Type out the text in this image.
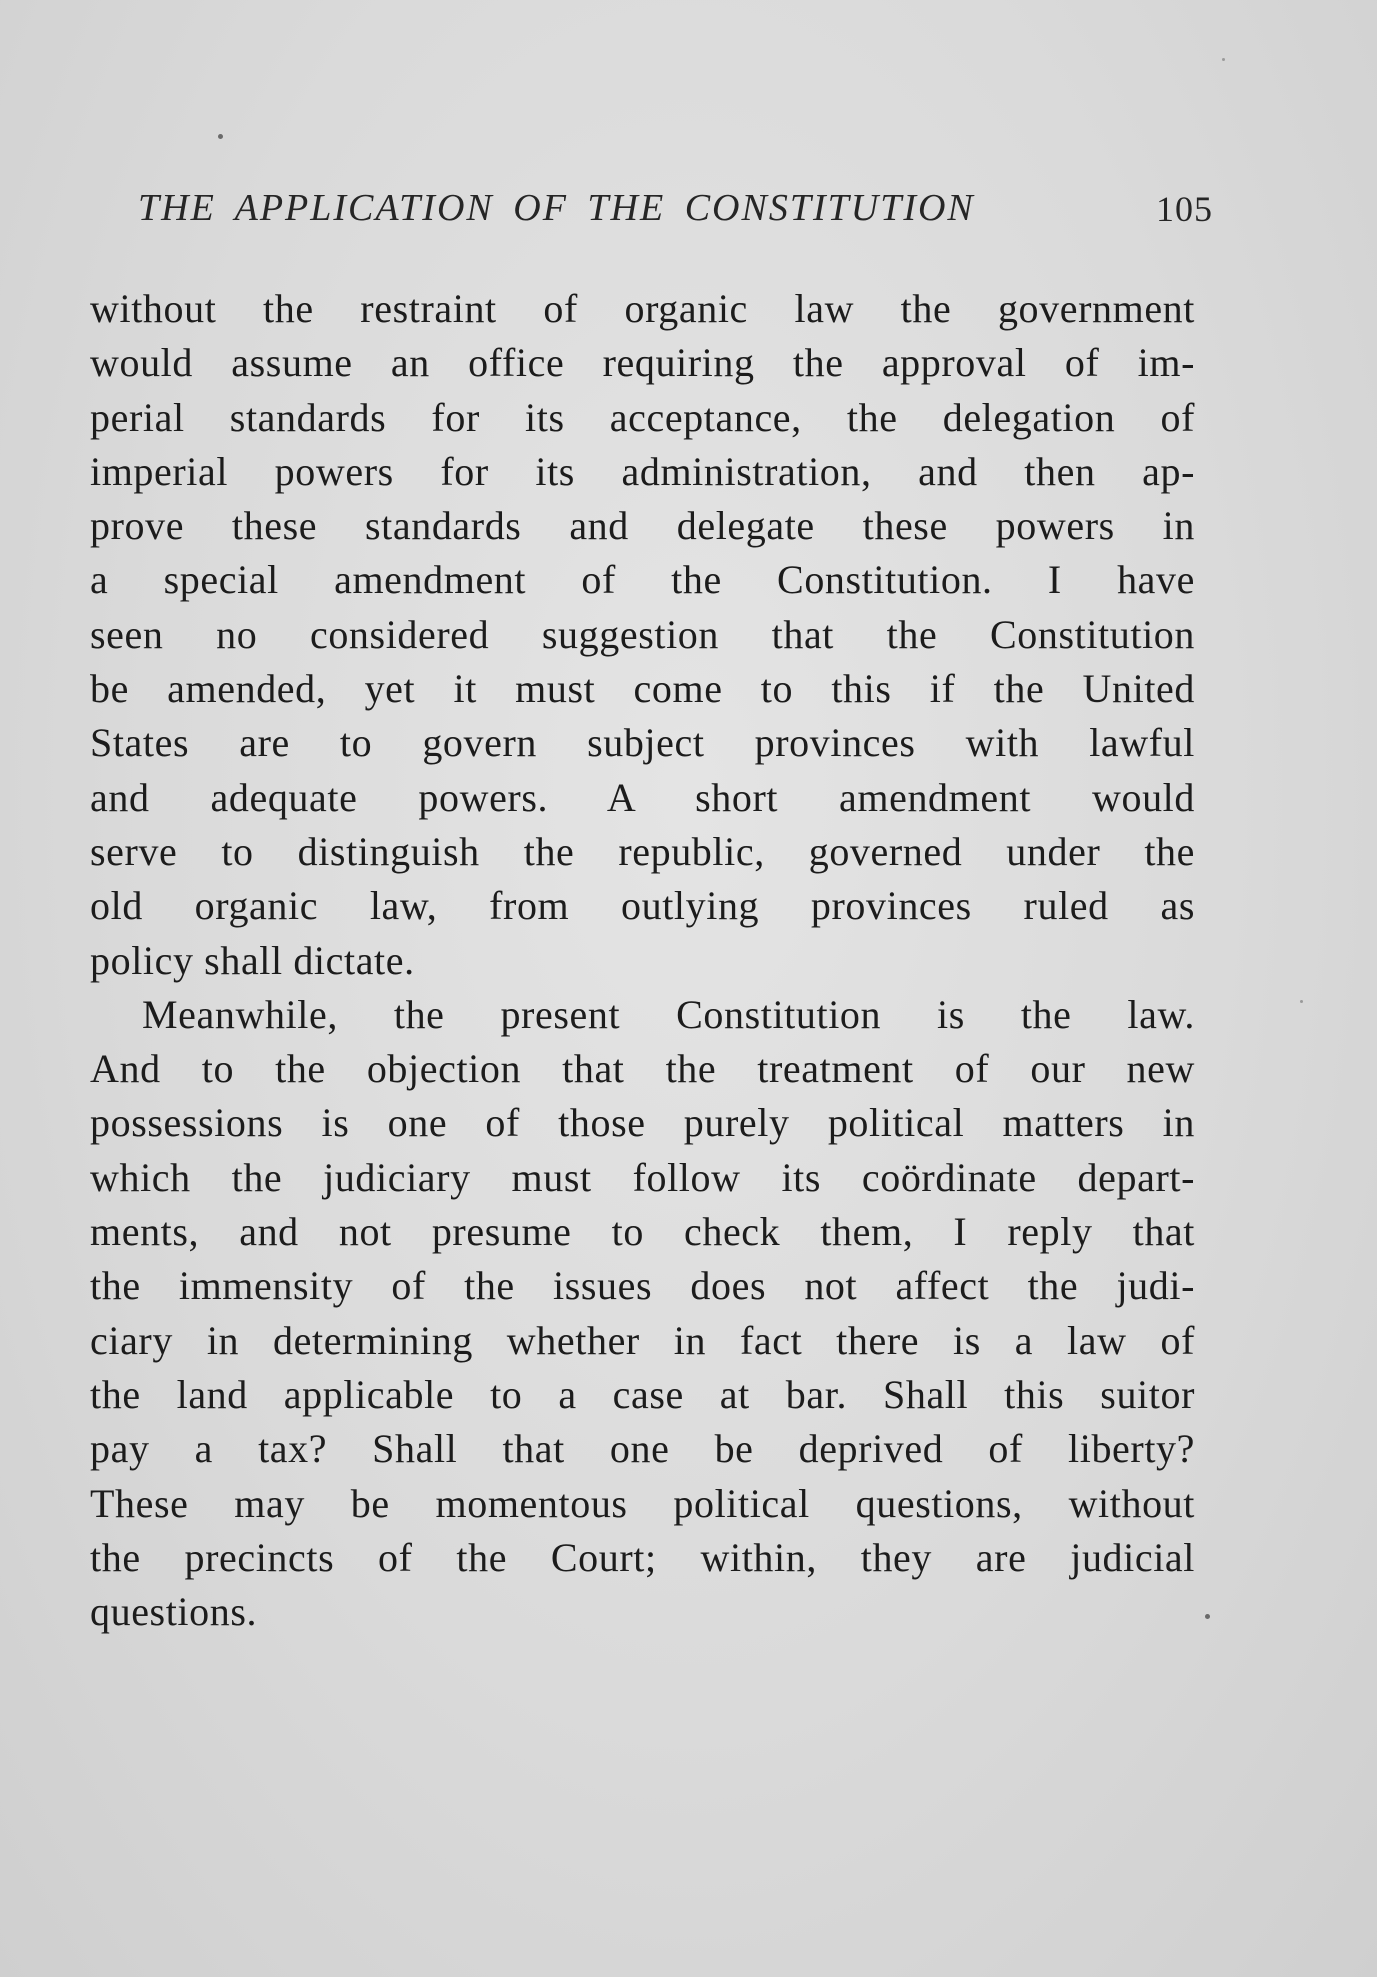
THE APPLICATION OF THE CONSTITUTION	105
without the restraint of organic law the government
would assume an office requiring the approval of im-
perial standards for its acceptance, the delegation of
imperial powers for its administration, and then ap-
prove these standards and delegate these powers in
a special amendment of the Constitution. I have
seen no considered suggestion that the Constitution
be amended, yet it must come to this if the United
States are to govern subject provinces with lawful
and adequate powers. A short amendment would
serve to distinguish the republic, governed under the
old organic law, from outlying provinces ruled as
policy shall dictate.
Meanwhile, the present Constitution is the law.
And to the objection that the treatment of our new
possessions is one of those purely political matters in
which the judiciary must follow its coördinate depart-
ments, and not presume to check them, I reply that
the immensity of the issues does not affect the judi-
ciary in determining whether in fact there is a law of
the land applicable to a case at bar. Shall this suitor
pay a tax? Shall that one be deprived of liberty?
These may be momentous political questions, without
the precincts of the Court; within, they are judicial
questions.
